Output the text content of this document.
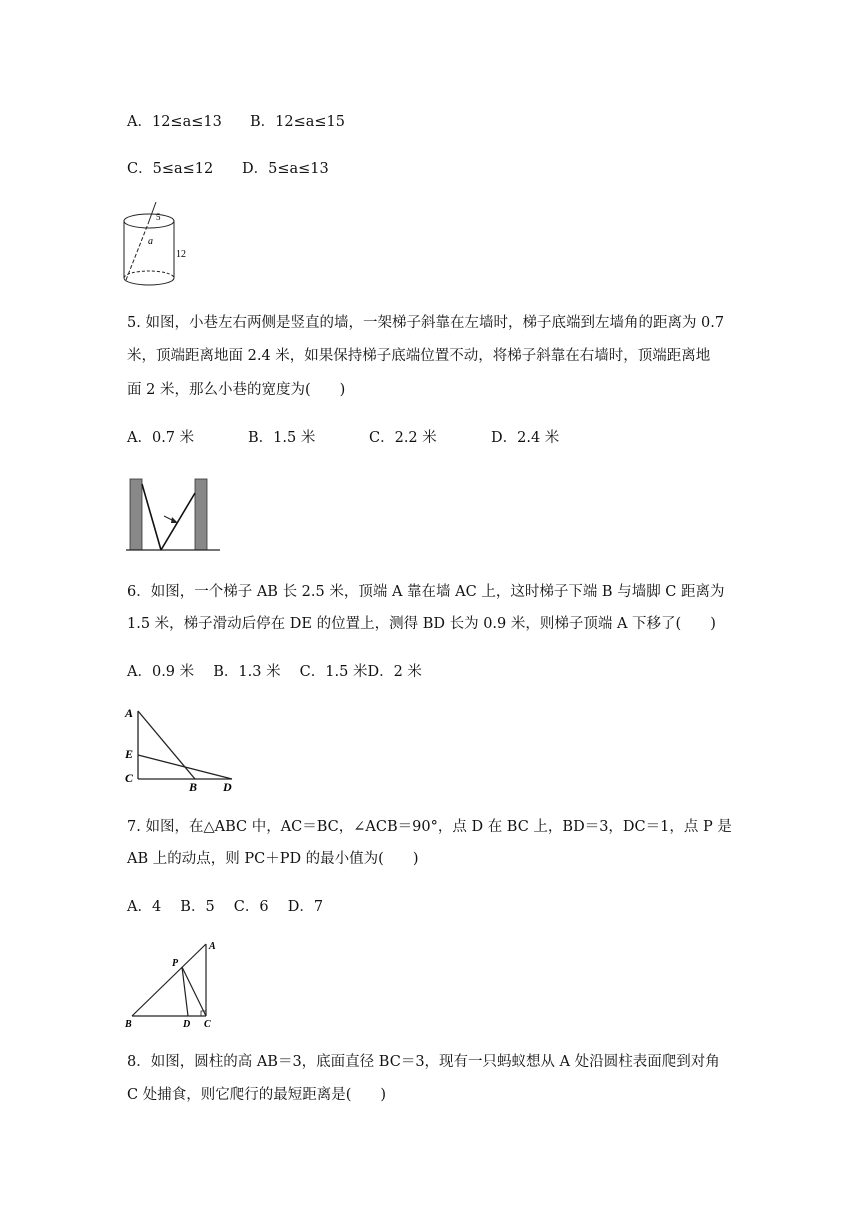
A．12≤a≤13 B．12≤a≤15
C．5≤a≤12 D．5≤a≤13
5
a
12
5. 如图，小巷左右两侧是竖直的墙，一架梯子斜靠在左墙时，梯子底端到左墙角的距离为 0.7
米，顶端距离地面 2.4 米，如果保持梯子底端位置不动，将梯子斜靠在右墙时，顶端距离地
面 2 米，那么小巷的宽度为(　　)
A．0.7 米	B．1.5 米	C．2.2 米	D．2.4 米
6．如图，一个梯子 AB 长 2.5 米，顶端 A 靠在墙 AC 上，这时梯子下端 B 与墙脚 C 距离为
1.5 米，梯子滑动后停在 DE 的位置上，测得 BD 长为 0.9 米，则梯子顶端 A 下移了(　　)
A．0.9 米　 B．1.3 米　 C．1.5 米D．2 米
A
E
C
B D
7. 如图，在△ABC 中，AC＝BC，∠ACB＝90°，点 D 在 BC 上，BD＝3，DC＝1，点 P 是
AB 上的动点，则 PC＋PD 的最小值为(　　)
A．4　 B．5　 C．6　 D．7
A
P
B	D C
8．如图，圆柱的高 AB＝3，底面直径 BC＝3，现有一只蚂蚁想从 A 处沿圆柱表面爬到对角
C 处捕食，则它爬行的最短距离是(　　)
